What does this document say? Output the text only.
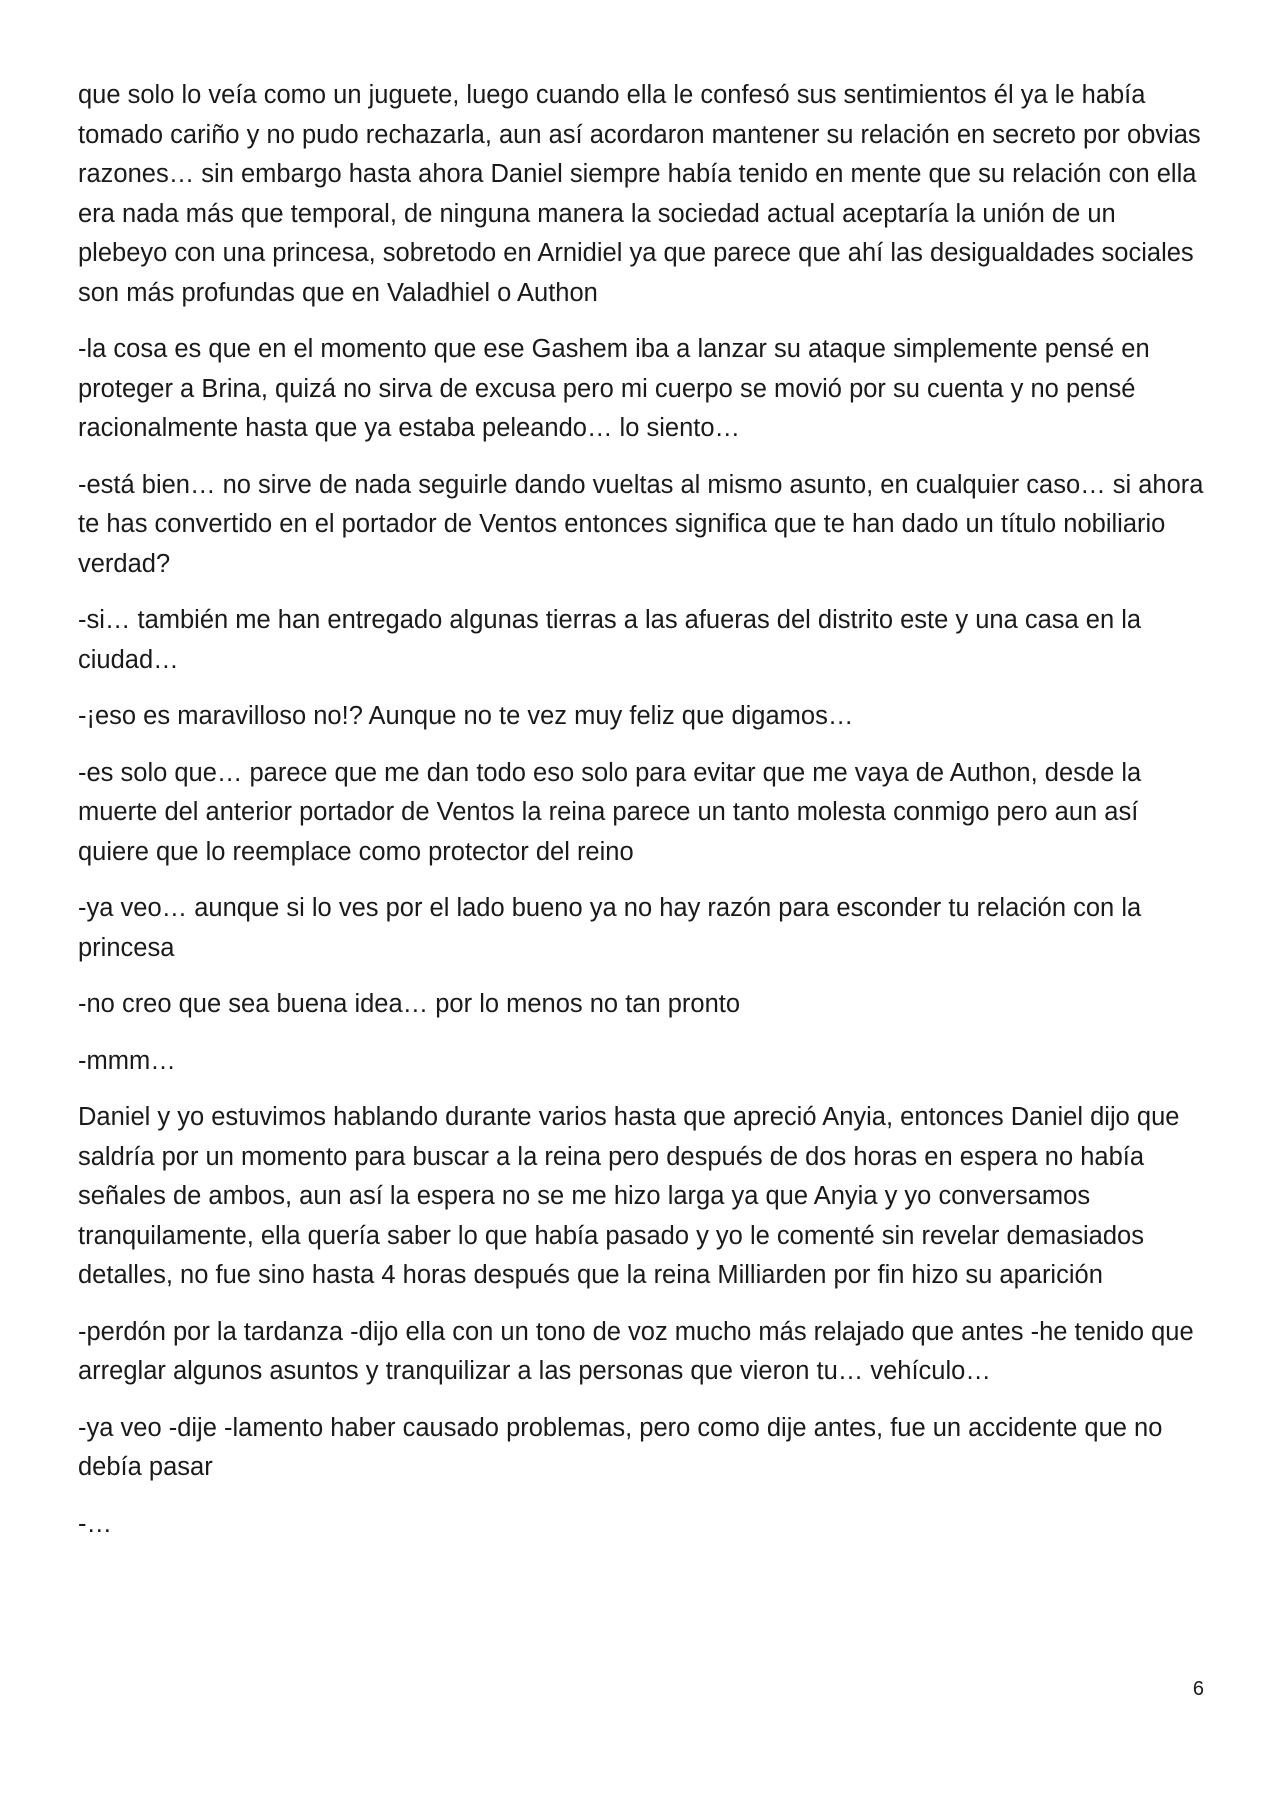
que solo lo veía como un juguete, luego cuando ella le confesó sus sentimientos él ya le había tomado cariño y no pudo rechazarla, aun así acordaron mantener su relación en secreto por obvias razones… sin embargo hasta ahora Daniel siempre había tenido en mente que su relación con ella era nada más que temporal, de ninguna manera la sociedad actual aceptaría la unión de un plebeyo con una princesa, sobretodo en Arnidiel ya que parece que ahí las desigualdades sociales son más profundas que en Valadhiel o Authon

-la cosa es que en el momento que ese Gashem iba a lanzar su ataque simplemente pensé en proteger a Brina, quizá no sirva de excusa pero mi cuerpo se movió por su cuenta y no pensé racionalmente hasta que ya estaba peleando… lo siento…

-está bien… no sirve de nada seguirle dando vueltas al mismo asunto, en cualquier caso… si ahora te has convertido en el portador de Ventos entonces significa que te han dado un título nobiliario verdad?

-si… también me han entregado algunas tierras a las afueras del distrito este y una casa en la ciudad…

-¡eso es maravilloso no!? Aunque no te vez muy feliz que digamos…

-es solo que… parece que me dan todo eso solo para evitar que me vaya de Authon, desde la muerte del anterior portador de Ventos la reina parece un tanto molesta conmigo pero aun así quiere que lo reemplace como protector del reino

-ya veo… aunque si lo ves por el lado bueno ya no hay razón para esconder tu relación con la princesa

-no creo que sea buena idea… por lo menos no tan pronto

-mmm…

Daniel y yo estuvimos hablando durante varios hasta que apreció Anyia, entonces Daniel dijo que saldría por un momento para buscar a la reina pero después de dos horas en espera no había señales de ambos, aun así la espera no se me hizo larga ya que Anyia y yo conversamos tranquilamente, ella quería saber lo que había pasado y yo le comenté sin revelar demasiados detalles, no fue sino hasta 4 horas después que la reina Milliarden por fin hizo su aparición

-perdón por la tardanza -dijo ella con un tono de voz mucho más relajado que antes -he tenido que arreglar algunos asuntos y tranquilizar a las personas que vieron tu… vehículo…

-ya veo -dije -lamento haber causado problemas, pero como dije antes, fue un accidente que no debía pasar

-…

6
